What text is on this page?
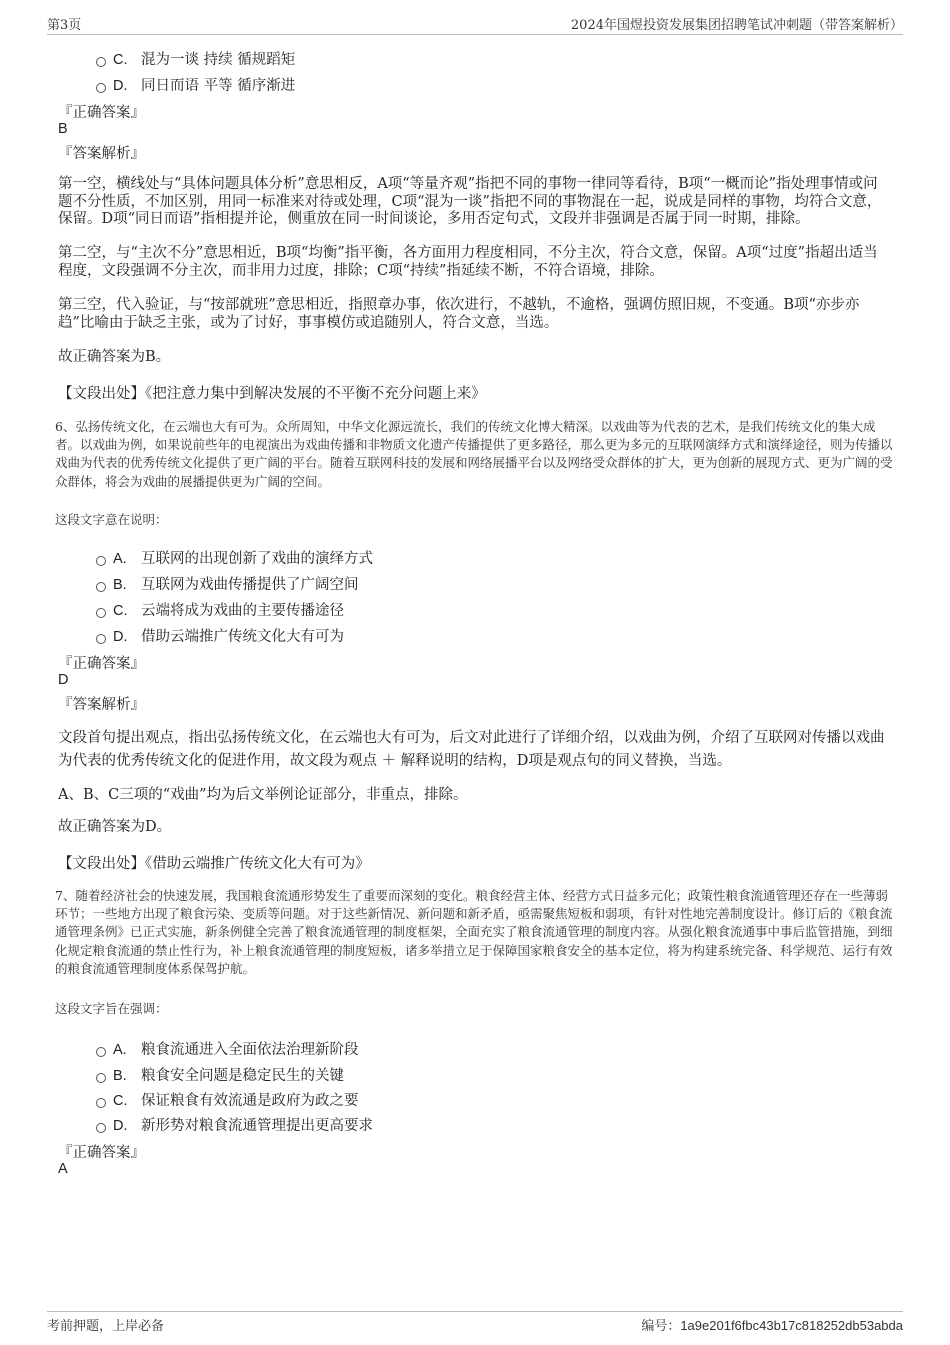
第3页	2024年国煜投资发展集团招聘笔试冲刺题（带答案解析）
C. 混为一谈 持续 循规蹈矩
D. 同日而语 平等 循序渐进
『正确答案』
B
『答案解析』
第一空，横线处与“具体问题具体分析”意思相反，A项“等量齐观”指把不同的事物一律同等看待，B项“一概而论”指处理事情或问题不分性质，不加区别，用同一标准来对待或处理，C项“混为一谈”指把不同的事物混在一起，说成是同样的事物，均符合文意，保留。D项“同日而语”指相提并论，侧重放在同一时间谈论，多用否定句式，文段并非强调是否属于同一时期，排除。
第二空，与“主次不分”意思相近，B项“均衡”指平衡，各方面用力程度相同，不分主次，符合文意，保留。A项“过度”指超出适当程度，文段强调不分主次，而非用力过度，排除；C项“持续”指延续不断，不符合语境，排除。
第三空，代入验证，与“按部就班”意思相近，指照章办事，依次进行，不越轨，不逾格，强调仿照旧规，不变通。B项“亦步亦趋”比喻由于缺乏主张，或为了讨好，事事模仿或追随别人，符合文意，当选。
故正确答案为B。
【文段出处】《把注意力集中到解决发展的不平衡不充分问题上来》
6、弘扬传统文化，在云端也大有可为。众所周知，中华文化源远流长，我们的传统文化博大精深。以戏曲等为代表的艺术，是我们传统文化的集大成者。以戏曲为例，如果说前些年的电视演出为戏曲传播和非物质文化遗产传播提供了更多路径，那么更为多元的互联网演绎方式和演绎途径，则为传播以戏曲为代表的优秀传统文化提供了更广阔的平台。随着互联网科技的发展和网络展播平台以及网络受众群体的扩大，更为创新的展现方式、更为广阔的受众群体，将会为戏曲的展播提供更为广阔的空间。
这段文字意在说明：
A. 互联网的出现创新了戏曲的演绎方式
B. 互联网为戏曲传播提供了广阔空间
C. 云端将成为戏曲的主要传播途径
D. 借助云端推广传统文化大有可为
『正确答案』
D
『答案解析』
文段首句提出观点，指出弘扬传统文化，在云端也大有可为，后文对此进行了详细介绍，以戏曲为例，介绍了互联网对传播以戏曲为代表的优秀传统文化的促进作用，故文段为观点 ＋ 解释说明的结构，D项是观点句的同义替换，当选。
A、B、C三项的“戏曲”均为后文举例论证部分，非重点，排除。
故正确答案为D。
【文段出处】《借助云端推广传统文化大有可为》
7、随着经济社会的快速发展，我国粮食流通形势发生了重要而深刻的变化。粮食经营主体、经营方式日益多元化；政策性粮食流通管理还存在一些薄弱环节；一些地方出现了粮食污染、变质等问题。对于这些新情况、新问题和新矛盾，亟需聚焦短板和弱项，有针对性地完善制度设计。修订后的《粮食流通管理条例》已正式实施，新条例健全完善了粮食流通管理的制度框架，全面充实了粮食流通管理的制度内容。从强化粮食流通事中事后监管措施，到细化规定粮食流通的禁止性行为，补上粮食流通管理的制度短板，诸多举措立足于保障国家粮食安全的基本定位，将为构建系统完备、科学规范、运行有效的粮食流通管理制度体系保驾护航。
这段文字旨在强调：
A. 粮食流通进入全面依法治理新阶段
B. 粮食安全问题是稳定民生的关键
C. 保证粮食有效流通是政府为政之要
D. 新形势对粮食流通管理提出更高要求
『正确答案』
A
考前押题，上岸必备	编号：1a9e201f6fbc43b17c818252db53abda
